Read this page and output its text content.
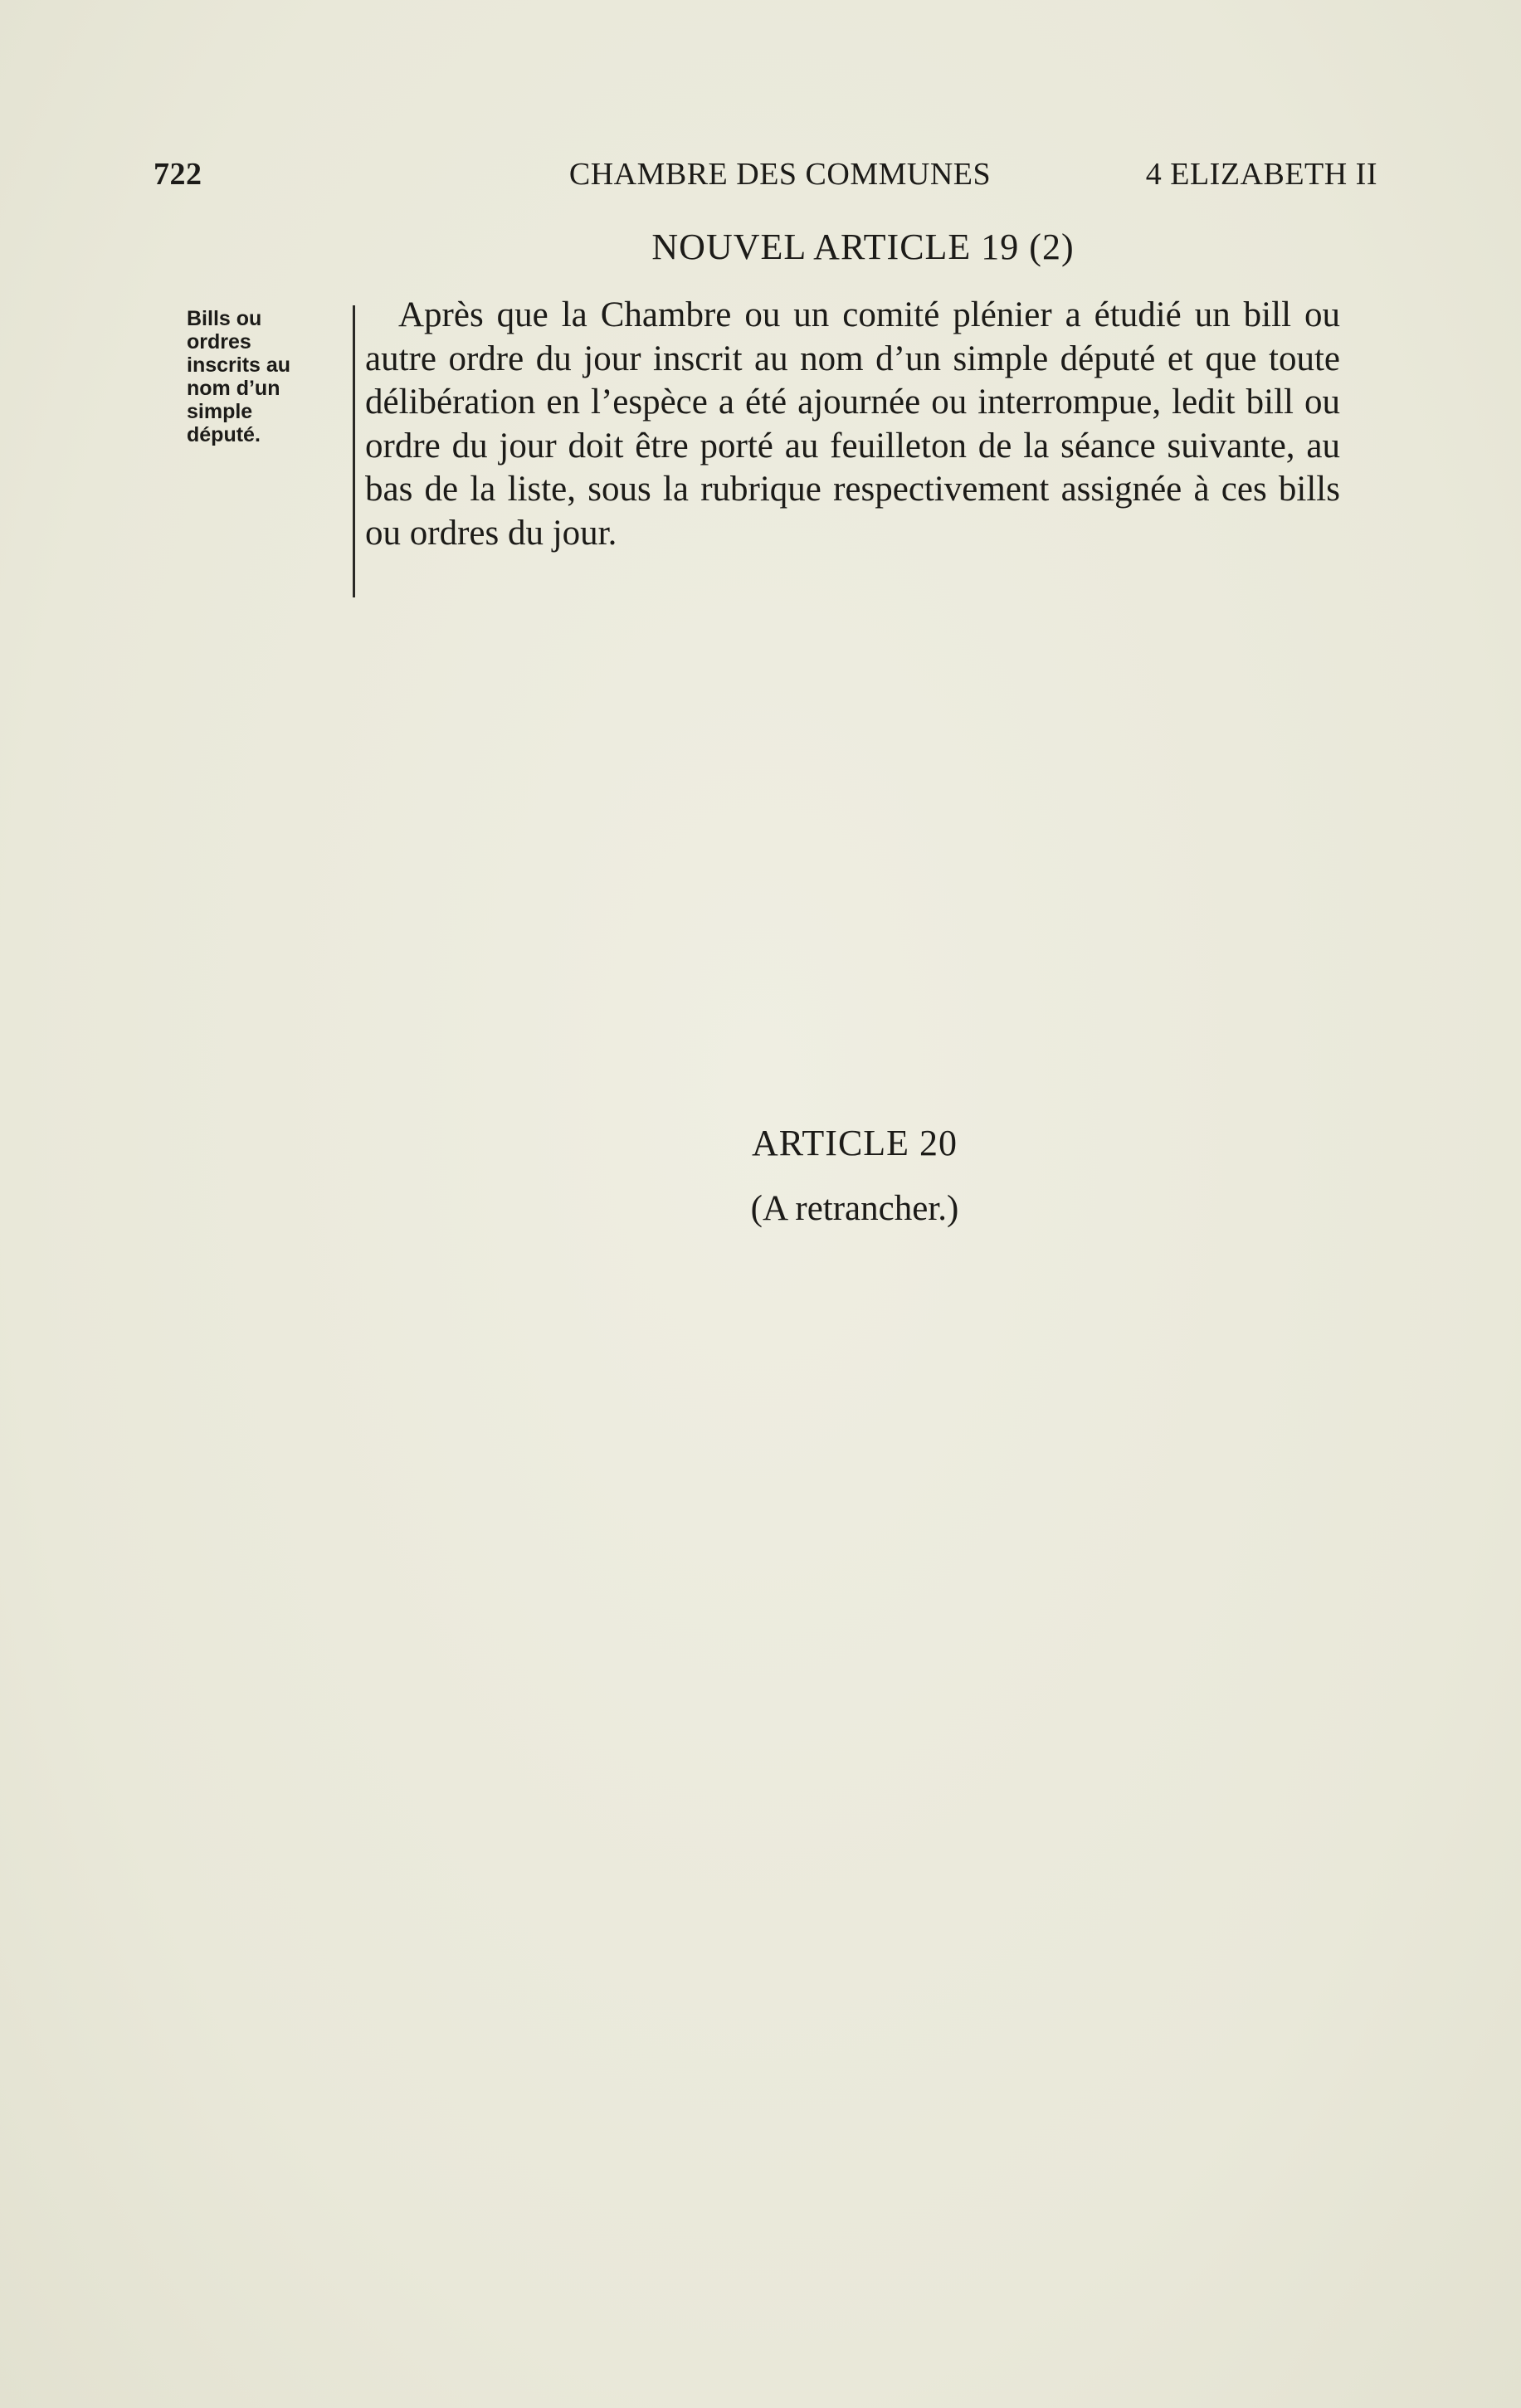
722	CHAMBRE DES COMMUNES	4 ELIZABETH II
NOUVEL ARTICLE 19 (2)
Bills ou ordres inscrits au nom d’un simple député.

Après que la Chambre ou un comité plénier a étudié un bill ou autre ordre du jour inscrit au nom d’un simple député et que toute délibération en l’espèce a été ajournée ou interrompue, ledit bill ou ordre du jour doit être porté au feuilleton de la séance suivante, au bas de la liste, sous la rubrique respectivement assignée à ces bills ou ordres du jour.

ARTICLE 20
(A retrancher.)
